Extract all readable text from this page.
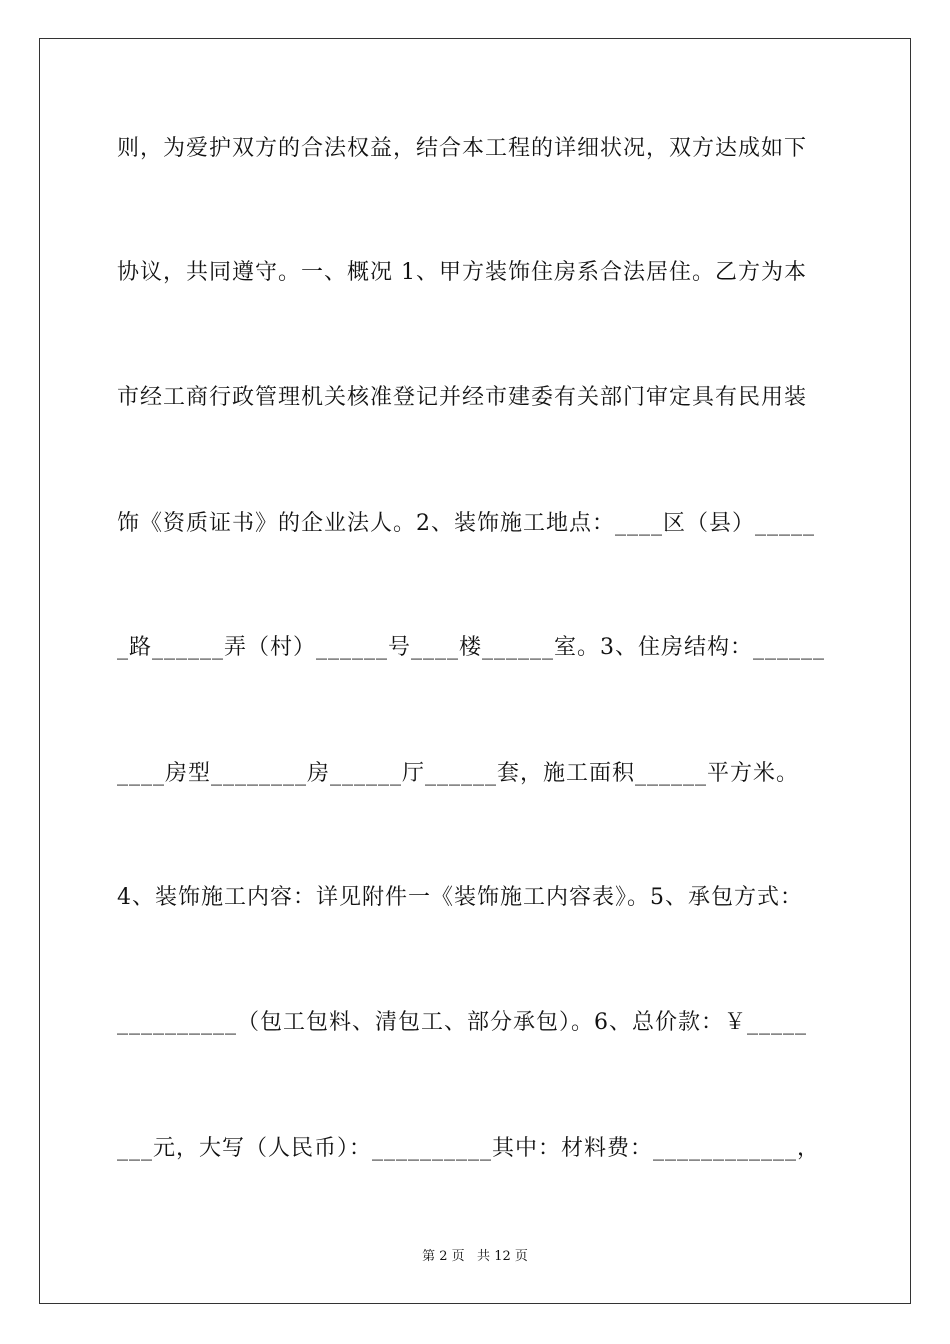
则，为爱护双方的合法权益，结合本工程的详细状况，双方达成如下
协议，共同遵守。一、概况 1、甲方装饰住房系合法居住。乙方为本
市经工商行政管理机关核准登记并经市建委有关部门审定具有民用装
饰《资质证书》的企业法人。2、装饰施工地点：____区（县）_____
_路______弄（村）______号____楼______室。3、住房结构：______
____房型________房______厅______套，施工面积______平方米。
4、装饰施工内容：详见附件一《装饰施工内容表》。5、承包方式：
__________（包工包料、清包工、部分承包）。6、总价款：￥_____
___元，大写（人民币）：__________其中：材料费：____________，
第 2 页   共 12 页
